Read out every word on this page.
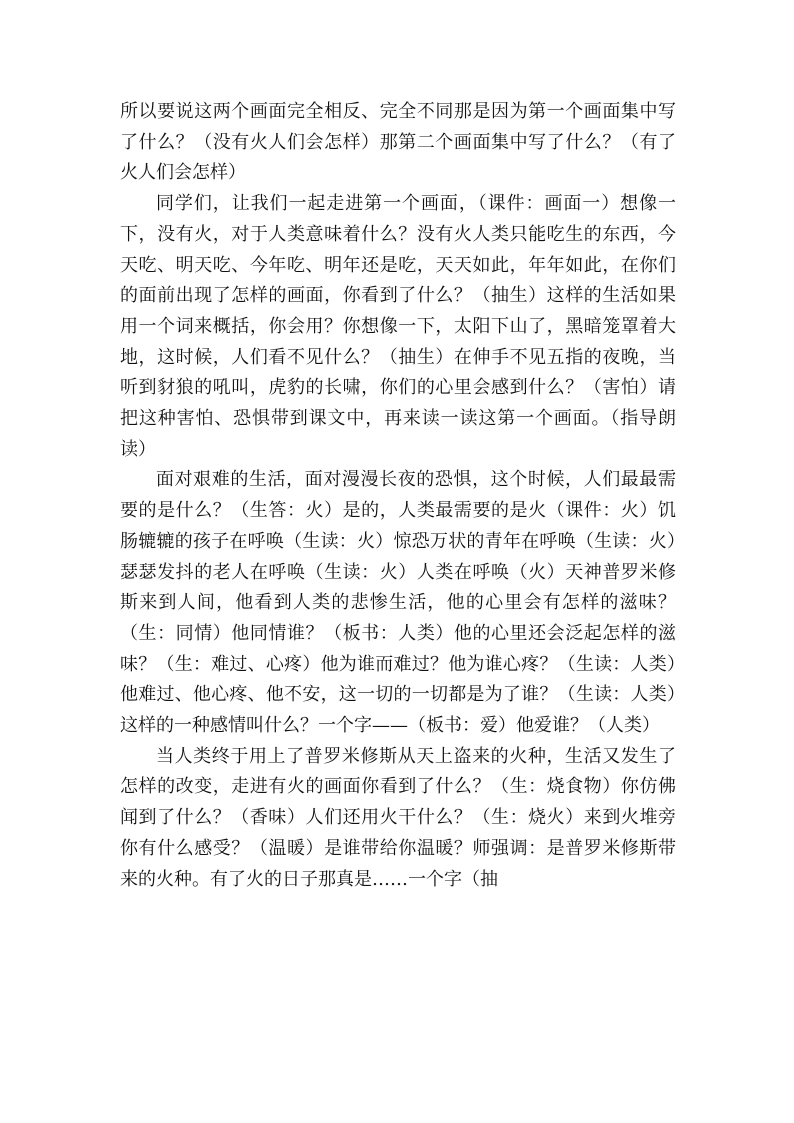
所以要说这两个画面完全相反、完全不同那是因为第一个画面集中写了什么？（没有火人们会怎样）那第二个画面集中写了什么？（有了火人们会怎样）

同学们，让我们一起走进第一个画面，（课件：画面一）想像一下，没有火，对于人类意味着什么？没有火人类只能吃生的东西，今天吃、明天吃、今年吃、明年还是吃，天天如此，年年如此，在你们的面前出现了怎样的画面，你看到了什么？（抽生）这样的生活如果用一个词来概括，你会用？你想像一下，太阳下山了，黑暗笼罩着大地，这时候，人们看不见什么？（抽生）在伸手不见五指的夜晚，当听到豺狼的吼叫，虎豹的长啸，你们的心里会感到什么？（害怕）请把这种害怕、恐惧带到课文中，再来读一读这第一个画面。（指导朗读）

面对艰难的生活，面对漫漫长夜的恐惧，这个时候，人们最最需要的是什么？（生答：火）是的，人类最需要的是火（课件：火）饥肠辘辘的孩子在呼唤（生读：火）惊恐万状的青年在呼唤（生读：火）瑟瑟发抖的老人在呼唤（生读：火）人类在呼唤（火）天神普罗米修斯来到人间，他看到人类的悲惨生活，他的心里会有怎样的滋味？（生：同情）他同情谁？（板书：人类）他的心里还会泛起怎样的滋味？（生：难过、心疼）他为谁而难过？他为谁心疼？（生读：人类）他难过、他心疼、他不安，这一切的一切都是为了谁？（生读：人类）这样的一种感情叫什么？一个字——（板书：爱）他爱谁？（人类）

当人类终于用上了普罗米修斯从天上盗来的火种，生活又发生了怎样的改变，走进有火的画面你看到了什么？（生：烧食物）你仿佛闻到了什么？（香味）人们还用火干什么？（生：烧火）来到火堆旁你有什么感受？（温暖）是谁带给你温暖？师强调：是普罗米修斯带来的火种。有了火的日子那真是……一个字（抽
